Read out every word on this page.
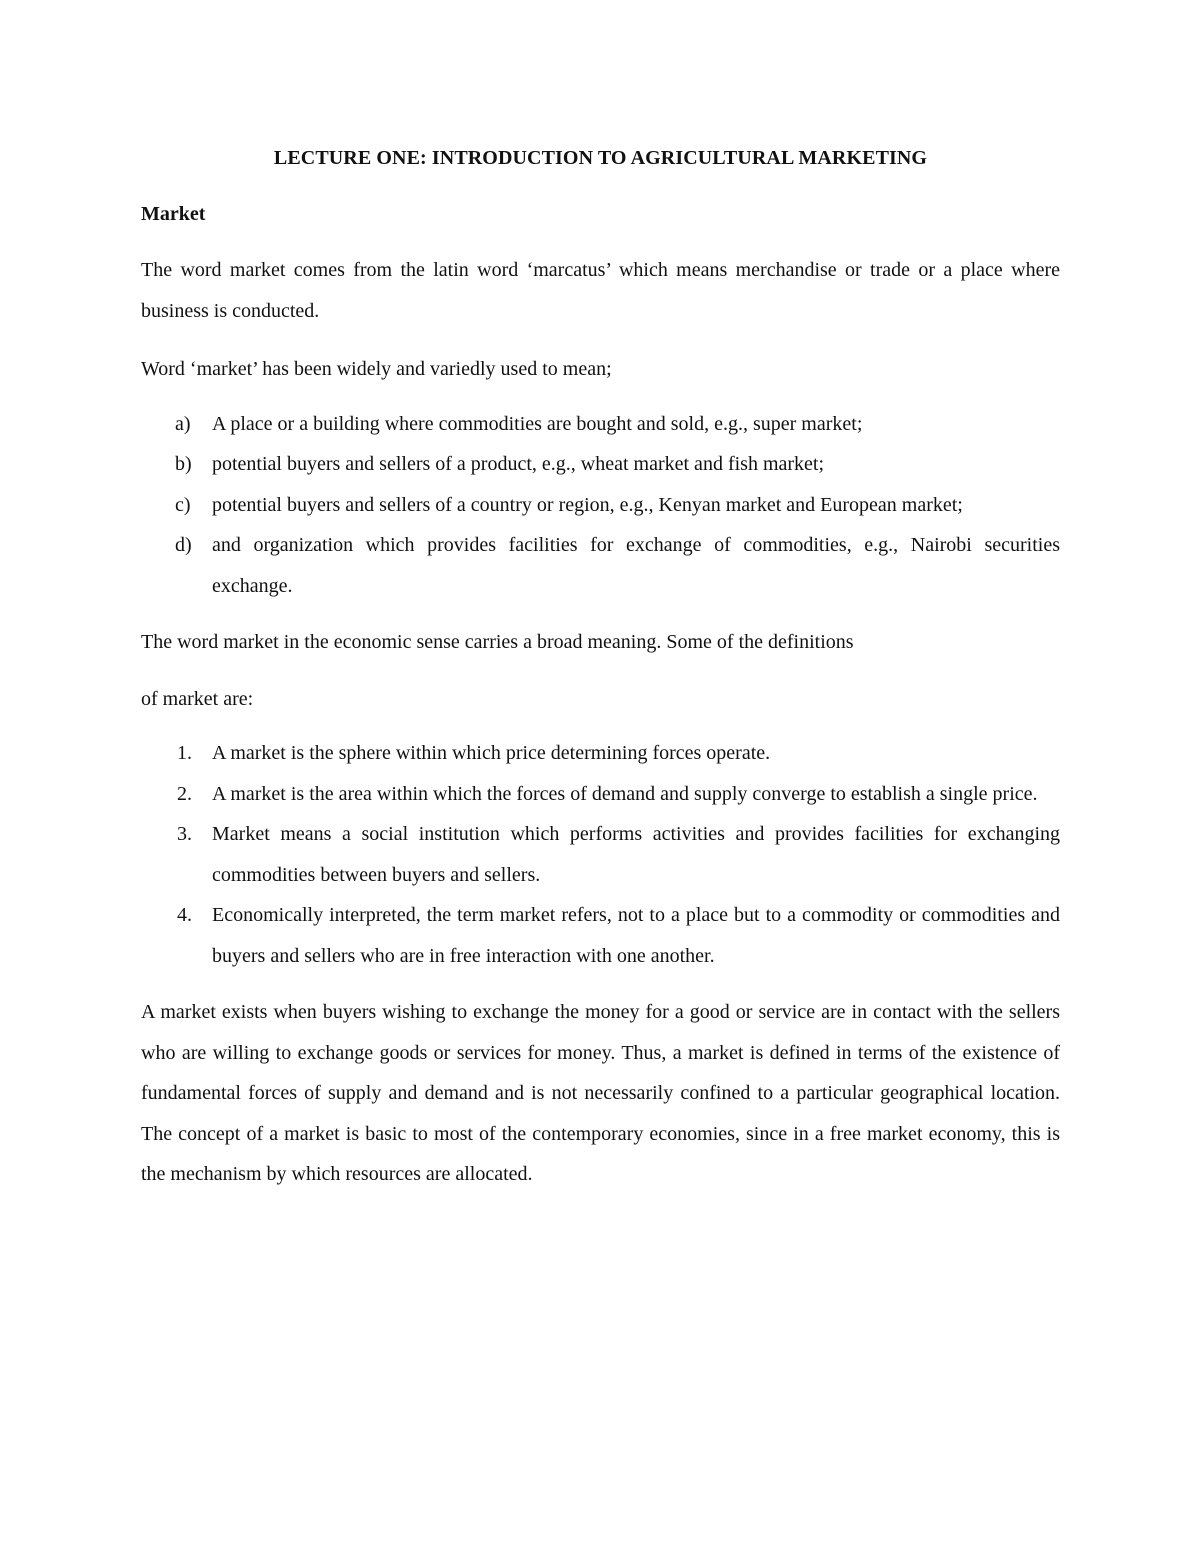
LECTURE ONE: INTRODUCTION TO AGRICULTURAL MARKETING
Market

The word market comes from the latin word ‘marcatus’ which means merchandise or trade or a place where business is conducted.

Word ‘market’ has been widely and variedly used to mean;

a) A place or a building where commodities are bought and sold, e.g., super market;
b) potential buyers and sellers of a product, e.g., wheat market and fish market;
c) potential buyers and sellers of a country or region, e.g., Kenyan market and European market;
d) and organization which provides facilities for exchange of commodities, e.g., Nairobi securities exchange.

The word market in the economic sense carries a broad meaning. Some of the definitions

of market are:

1. A market is the sphere within which price determining forces operate.
2. A market is the area within which the forces of demand and supply converge to establish a single price.
3. Market means a social institution which performs activities and provides facilities for exchanging commodities between buyers and sellers.
4. Economically interpreted, the term market refers, not to a place but to a commodity or commodities and buyers and sellers who are in free interaction with one another.

A market exists when buyers wishing to exchange the money for a good or service are in contact with the sellers who are willing to exchange goods or services for money. Thus, a market is defined in terms of the existence of fundamental forces of supply and demand and is not necessarily confined to a particular geographical location. The concept of a market is basic to most of the contemporary economies, since in a free market economy, this is the mechanism by which resources are allocated.
